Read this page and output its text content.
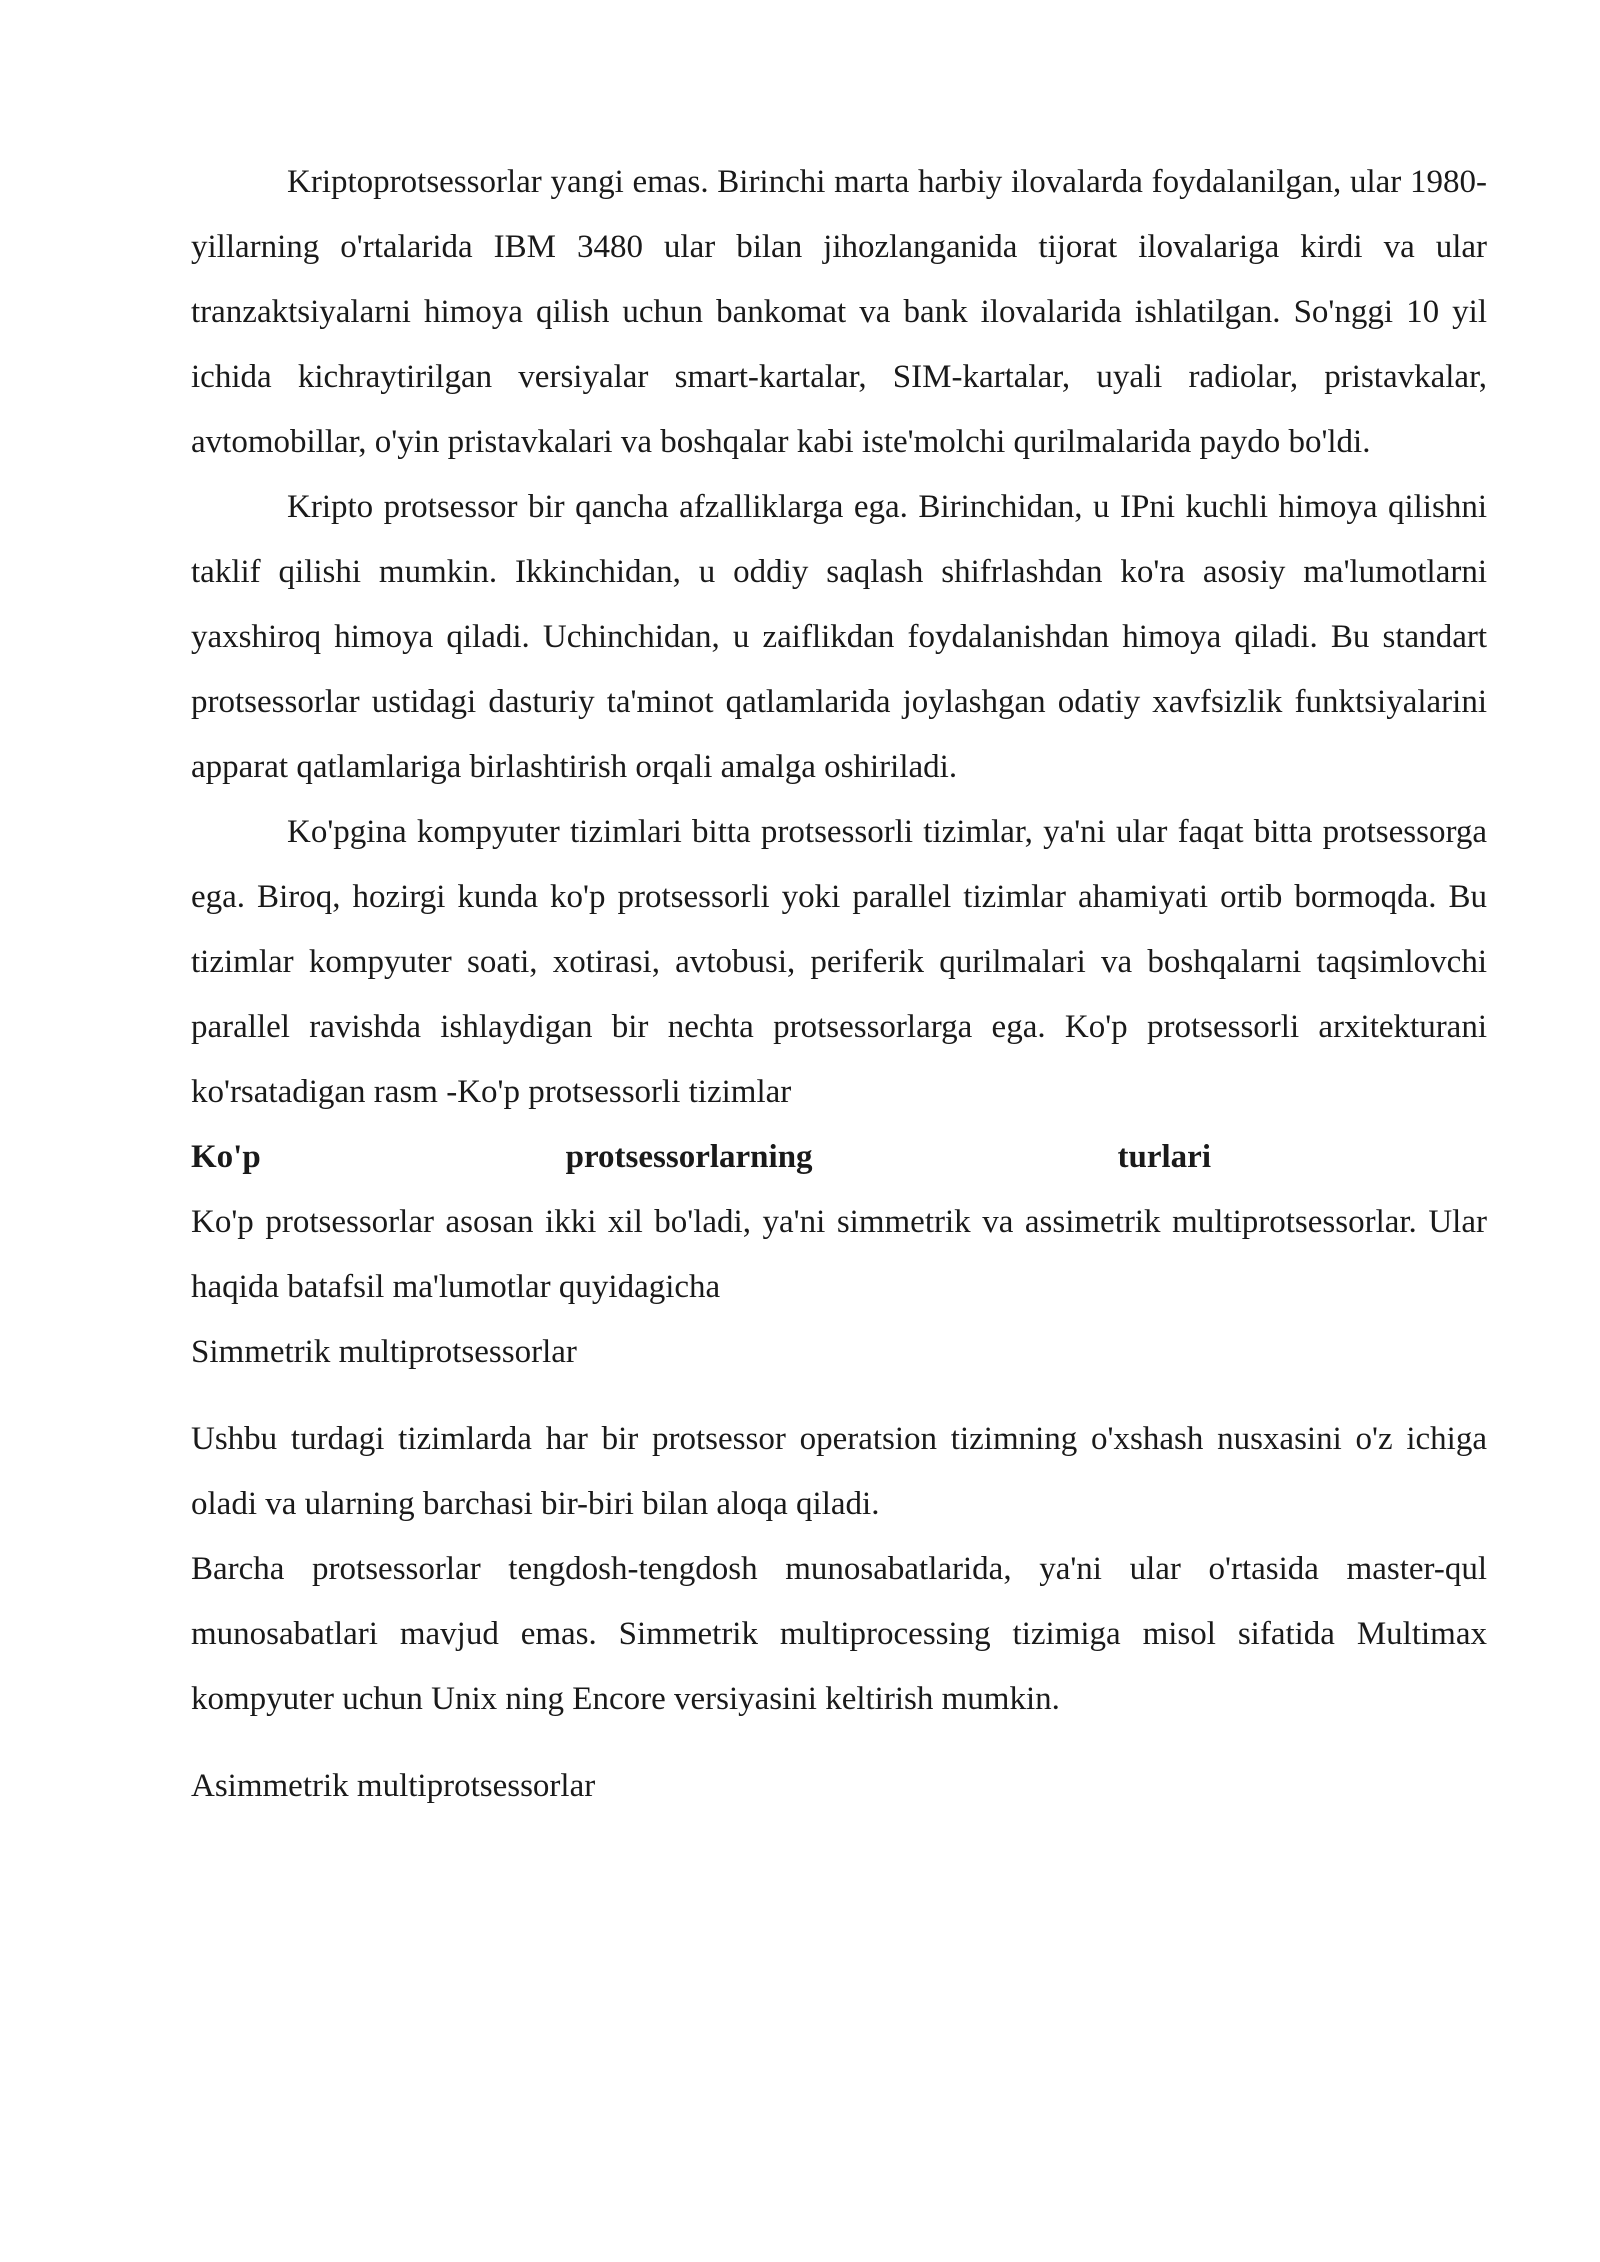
Kriptoprotsessorlar yangi emas. Birinchi marta harbiy ilovalarda foydalanilgan, ular 1980-yillarning o'rtalarida IBM 3480 ular bilan jihozlanganida tijorat ilovalariga kirdi va ular tranzaktsiyalarni himoya qilish uchun bankomat va bank ilovalarida ishlatilgan. So'nggi 10 yil ichida kichraytirilgan versiyalar smart-kartalar, SIM-kartalar, uyali radiolar, pristavkalar, avtomobillar, o'yin pristavkalari va boshqalar kabi iste'molchi qurilmalarida paydo bo'ldi.

Kripto protsessor bir qancha afzalliklarga ega. Birinchidan, u IPni kuchli himoya qilishni taklif qilishi mumkin. Ikkinchidan, u oddiy saqlash shifrlashdan ko'ra asosiy ma'lumotlarni yaxshiroq himoya qiladi. Uchinchidan, u zaiflikdan foydalanishdan himoya qiladi. Bu standart protsessorlar ustidagi dasturiy ta'minot qatlamlarida joylashgan odatiy xavfsizlik funktsiyalarini apparat qatlamlariga birlashtirish orqali amalga oshiriladi.

Ko'pgina kompyuter tizimlari bitta protsessorli tizimlar, ya'ni ular faqat bitta protsessorga ega. Biroq, hozirgi kunda ko'p protsessorli yoki parallel tizimlar ahamiyati ortib bormoqda. Bu tizimlar kompyuter soati, xotirasi, avtobusi, periferik qurilmalari va boshqalarni taqsimlovchi parallel ravishda ishlaydigan bir nechta protsessorlarga ega. Ko'p protsessorli arxitekturani ko'rsatadigan rasm -Ko'p protsessorli tizimlar

Ko'p	protsessorlarning	turlari

Ko'p protsessorlar asosan ikki xil bo'ladi, ya'ni simmetrik va assimetrik multiprotsessorlar. Ular haqida batafsil ma'lumotlar quyidagicha

Simmetrik multiprotsessorlar

Ushbu turdagi tizimlarda har bir protsessor operatsion tizimning o'xshash nusxasini o'z ichiga oladi va ularning barchasi bir-biri bilan aloqa qiladi.

Barcha protsessorlar tengdosh-tengdosh munosabatlarida, ya'ni ular o'rtasida master-qul munosabatlari mavjud emas. Simmetrik multiprocessing tizimiga misol sifatida Multimax kompyuter uchun Unix ning Encore versiyasini keltirish mumkin.

Asimmetrik multiprotsessorlar
